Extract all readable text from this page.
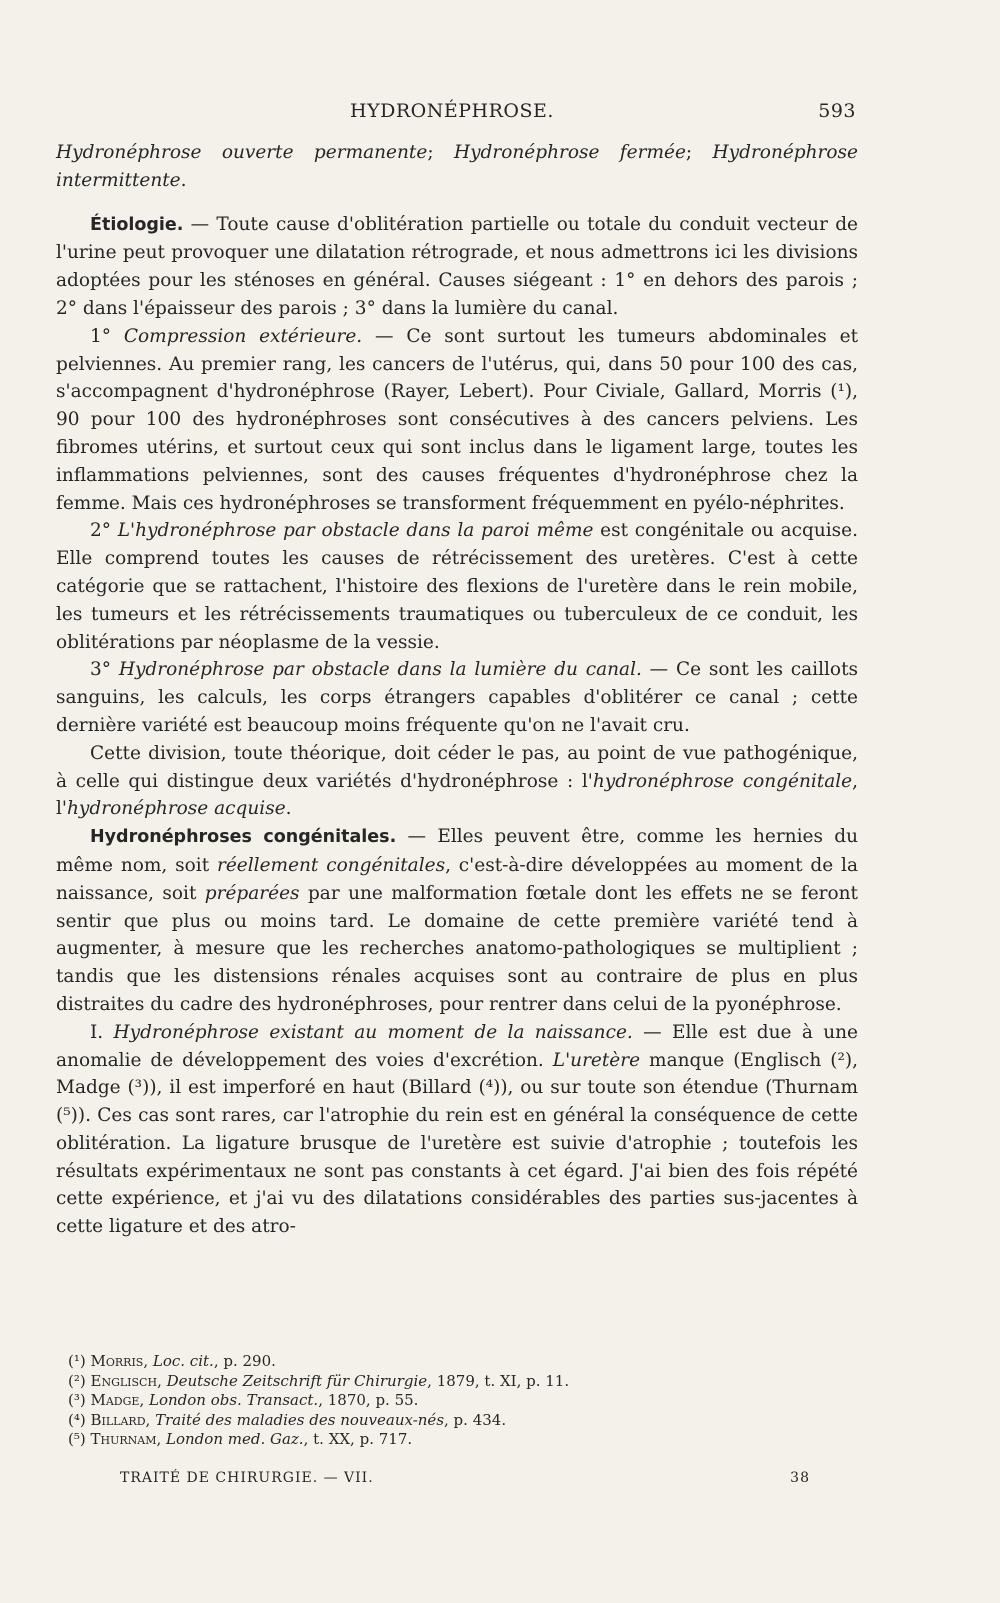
HYDRONÉPHROSE.	593

Hydronéphrose ouverte permanente; Hydronéphrose fermée; Hydronéphrose intermittente.

Étiologie. — Toute cause d'oblitération partielle ou totale du conduit vecteur de l'urine peut provoquer une dilatation rétrograde, et nous admettrons ici les divisions adoptées pour les sténoses en général. Causes siégeant : 1° en dehors des parois ; 2° dans l'épaisseur des parois ; 3° dans la lumière du canal.

1° Compression extérieure. — Ce sont surtout les tumeurs abdominales et pelviennes. Au premier rang, les cancers de l'utérus, qui, dans 50 pour 100 des cas, s'accompagnent d'hydronéphrose (Rayer, Lebert). Pour Civiale, Gallard, Morris (¹), 90 pour 100 des hydronéphroses sont consécutives à des cancers pelviens. Les fibromes utérins, et surtout ceux qui sont inclus dans le ligament large, toutes les inflammations pelviennes, sont des causes fréquentes d'hydronéphrose chez la femme. Mais ces hydronéphroses se transforment fréquemment en pyélo-néphrites.

2° L'hydronéphrose par obstacle dans la paroi même est congénitale ou acquise. Elle comprend toutes les causes de rétrécissement des uretères. C'est à cette catégorie que se rattachent, l'histoire des flexions de l'uretère dans le rein mobile, les tumeurs et les rétrécissements traumatiques ou tuberculeux de ce conduit, les oblitérations par néoplasme de la vessie.

3° Hydronéphrose par obstacle dans la lumière du canal. — Ce sont les caillots sanguins, les calculs, les corps étrangers capables d'oblitérer ce canal ; cette dernière variété est beaucoup moins fréquente qu'on ne l'avait cru.

Cette division, toute théorique, doit céder le pas, au point de vue pathogénique, à celle qui distingue deux variétés d'hydronéphrose : l'hydronéphrose congénitale, l'hydronéphrose acquise.

Hydronéphroses congénitales. — Elles peuvent être, comme les hernies du même nom, soit réellement congénitales, c'est-à-dire développées au moment de la naissance, soit préparées par une malformation fœtale dont les effets ne se feront sentir que plus ou moins tard. Le domaine de cette première variété tend à augmenter, à mesure que les recherches anatomo-pathologiques se multiplient ; tandis que les distensions rénales acquises sont au contraire de plus en plus distraites du cadre des hydronéphroses, pour rentrer dans celui de la pyonéphrose.

I. Hydronéphrose existant au moment de la naissance. — Elle est due à une anomalie de développement des voies d'excrétion. L'uretère manque (Englisch (²), Madge (³)), il est imperforé en haut (Billard (⁴)), ou sur toute son étendue (Thurnam (⁵)). Ces cas sont rares, car l'atrophie du rein est en général la conséquence de cette oblitération. La ligature brusque de l'uretère est suivie d'atrophie ; toutefois les résultats expérimentaux ne sont pas constants à cet égard. J'ai bien des fois répété cette expérience, et j'ai vu des dilatations considérables des parties sus-jacentes à cette ligature et des atro-

(¹) Morris, Loc. cit., p. 290.
(²) Englisch, Deutsche Zeitschrift für Chirurgie, 1879, t. XI, p. 11.
(³) Madge, London obs. Transact., 1870, p. 55.
(⁴) Billard, Traité des maladies des nouveaux-nés, p. 434.
(⁵) Thurnam, London med. Gaz., t. XX, p. 717.
TRAITÉ DE CHIRURGIE. — VII.	38
